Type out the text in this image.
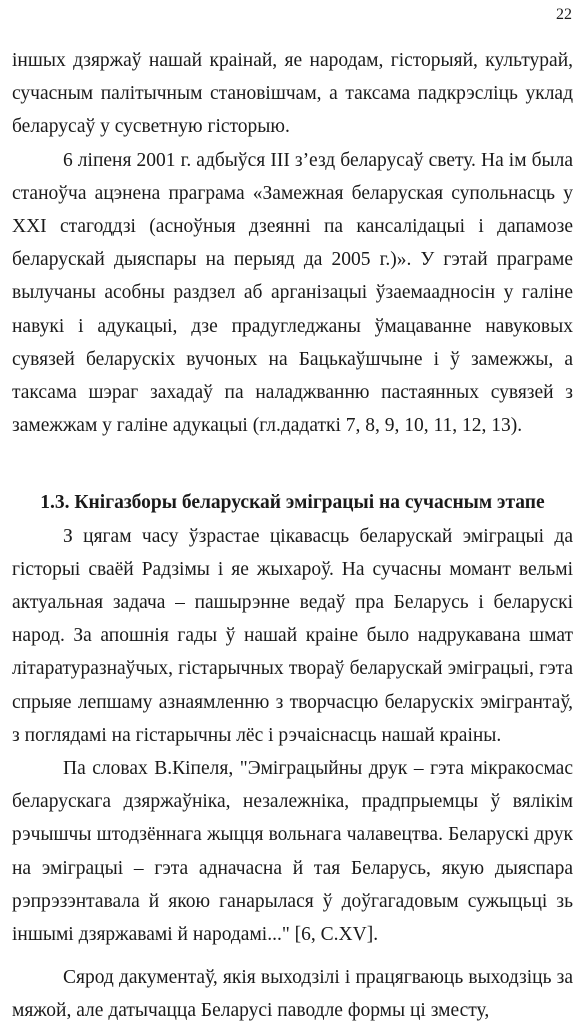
22

іншых дзяржаў нашай краінай, яе народам, гісторыяй, культурай, сучасным палітычным становішчам, а таксама падкрэсліць уклад беларусаў у сусветную гісторыю.

6 ліпеня 2001 г. адбыўся ІІІ з’езд беларусаў свету. На ім была станоўча ацэнена праграма «Замежная беларуская супольнасць у ХХІ стагоддзі (асноўныя дзеянні па кансалідацыі і дапамозе беларускай дыяспары на перыяд да 2005 г.)». У гэтай праграме вылучаны асобны раздзел аб арганізацыі ўзаемаадносін у галіне навукі і адукацыі, дзе прадугледжаны ўмацаванне навуковых сувязей беларускіх вучоных на Бацькаўшчыне і ў замежжы, а таксама шэраг захадаў па наладжванню пастаянных сувязей з замежжам у галіне адукацыі (гл.дадаткі 7, 8, 9, 10, 11, 12, 13).

1.3. Кнігазборы беларускай эміграцыі на сучасным этапе

З цягам часу ўзрастае цікавасць беларускай эміграцыі да гісторыі сваёй Радзімы і яе жыхароў. На сучасны момант вельмі актуальная задача – пашырэнне ведаў пра Беларусь і беларускі народ. За апошнія гады ў нашай краіне было надрукавана шмат літаратуразнаўчых, гістарычных твораў беларускай эміграцыі, гэта спрыяе лепшаму азнаямленню з творчасцю беларускіх эмігрантаў, з поглядамі на гістарычны лёс і рэчаіснасць нашай краіны.

Па словах В.Кіпеля, "Эміграцыйны друк – гэта мікракосмас беларускага дзяржаўніка, незалежніка, прадпрыемцы ў вялікім рэчышчы штодзённага жыцця вольнага чалавецтва. Беларускі друк на эміграцыі – гэта адначасна й тая Беларусь, якую дыяспара рэпрэзэнтавала й якою ганарылася ў доўгагадовым сужыцьці зь іншымі дзяржавамі й народамі..." [6, С.XV].

Сярод дакументаў, якія выходзілі і працягваюць выходзіць за мяжой, але датычацца Беларусі паводле формы ці зместу,
